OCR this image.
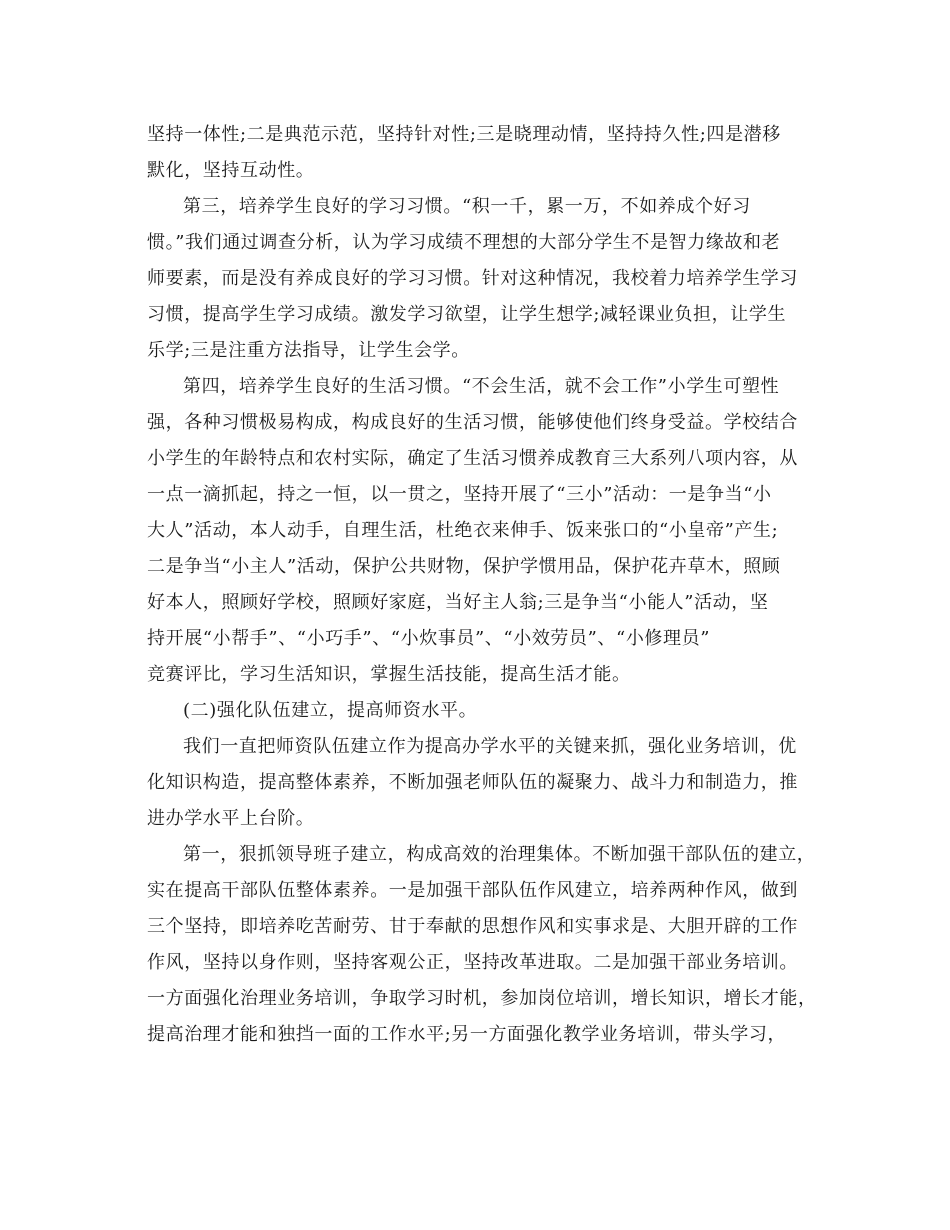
坚持一体性;二是典范示范，坚持针对性;三是晓理动情，坚持持久性;四是潜移
默化，坚持互动性。
第三，培养学生良好的学习习惯。“积一千，累一万，不如养成个好习
惯。”我们通过调查分析，认为学习成绩不理想的大部分学生不是智力缘故和老
师要素，而是没有养成良好的学习习惯。针对这种情况，我校着力培养学生学习
习惯，提高学生学习成绩。激发学习欲望，让学生想学;减轻课业负担，让学生
乐学;三是注重方法指导，让学生会学。
第四，培养学生良好的生活习惯。“不会生活，就不会工作”小学生可塑性
强，各种习惯极易构成，构成良好的生活习惯，能够使他们终身受益。学校结合
小学生的年龄特点和农村实际，确定了生活习惯养成教育三大系列八项内容，从
一点一滴抓起，持之一恒，以一贯之，坚持开展了“三小”活动：一是争当“小
大人”活动，本人动手，自理生活，杜绝衣来伸手、饭来张口的“小皇帝”产生;
二是争当“小主人”活动，保护公共财物，保护学惯用品，保护花卉草木，照顾
好本人，照顾好学校，照顾好家庭，当好主人翁;三是争当“小能人”活动，坚
持开展“小帮手”、“小巧手”、“小炊事员”、“小效劳员”、“小修理员”
竞赛评比，学习生活知识，掌握生活技能，提高生活才能。
(二)强化队伍建立，提高师资水平。
我们一直把师资队伍建立作为提高办学水平的关键来抓，强化业务培训，优
化知识构造，提高整体素养，不断加强老师队伍的凝聚力、战斗力和制造力，推
进办学水平上台阶。
第一，狠抓领导班子建立，构成高效的治理集体。不断加强干部队伍的建立，
实在提高干部队伍整体素养。一是加强干部队伍作风建立，培养两种作风，做到
三个坚持，即培养吃苦耐劳、甘于奉献的思想作风和实事求是、大胆开辟的工作
作风，坚持以身作则，坚持客观公正，坚持改革进取。二是加强干部业务培训。
一方面强化治理业务培训，争取学习时机，参加岗位培训，增长知识，增长才能，
提高治理才能和独挡一面的工作水平;另一方面强化教学业务培训，带头学习，
